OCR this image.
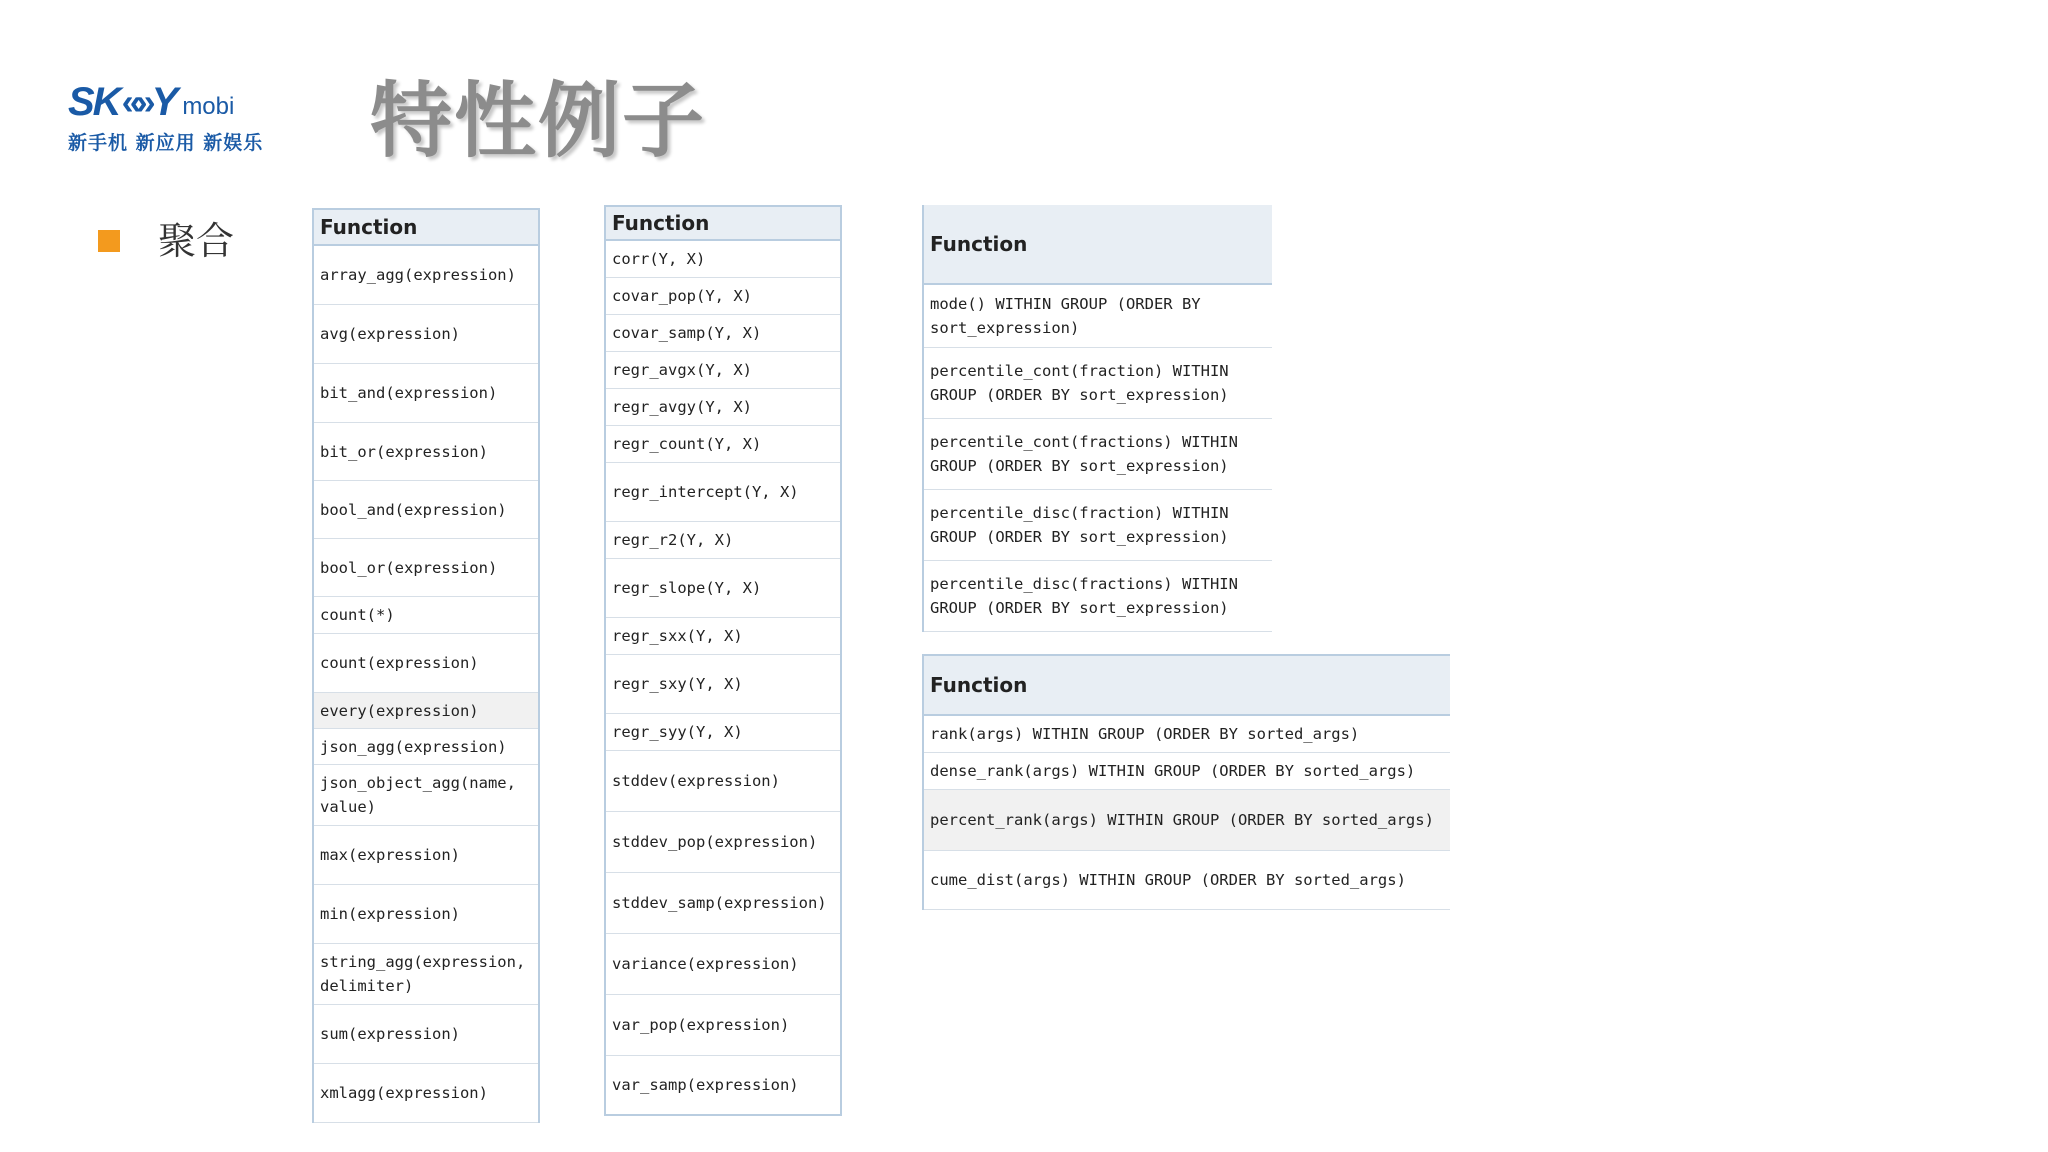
SK «» Y mobi
新手机 新应用 新娱乐	特性例子
聚合	Function
array_agg(expression)
avg(expression)
bit_and(expression)
bit_or(expression)
bool_and(expression)
bool_or(expression)
count(*)
count(expression)
every(expression)
json_agg(expression)
json_object_agg(name, value)
max(expression)
min(expression)
string_agg(expression, delimiter)
sum(expression)
xmlagg(expression)
Function
corr(Y, X)
covar_pop(Y, X)
covar_samp(Y, X)
regr_avgx(Y, X)
regr_avgy(Y, X)
regr_count(Y, X)
regr_intercept(Y, X)
regr_r2(Y, X)
regr_slope(Y, X)
regr_sxx(Y, X)
regr_sxy(Y, X)
regr_syy(Y, X)
stddev(expression)
stddev_pop(expression)
stddev_samp(expression)
variance(expression)
var_pop(expression)
var_samp(expression)
Function
mode() WITHIN GROUP (ORDER BY sort_expression)
percentile_cont(fraction) WITHIN GROUP (ORDER BY sort_expression)
percentile_cont(fractions) WITHIN GROUP (ORDER BY sort_expression)
percentile_disc(fraction) WITHIN GROUP (ORDER BY sort_expression)
percentile_disc(fractions) WITHIN GROUP (ORDER BY sort_expression)
Function
rank(args) WITHIN GROUP (ORDER BY sorted_args)
dense_rank(args) WITHIN GROUP (ORDER BY sorted_args)
percent_rank(args) WITHIN GROUP (ORDER BY sorted_args)
cume_dist(args) WITHIN GROUP (ORDER BY sorted_args)
